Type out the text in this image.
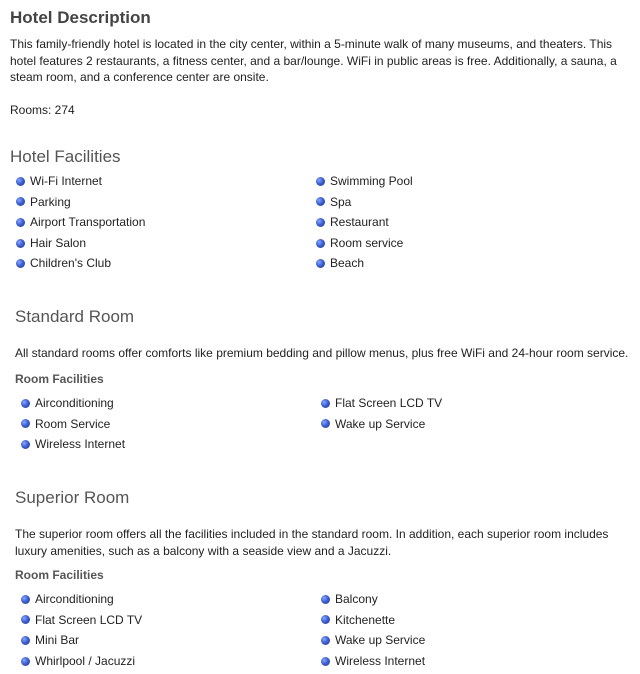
Hotel Description

This family-friendly hotel is located in the city center, within a 5-minute walk of many museums, and theaters. This hotel features 2 restaurants, a fitness center, and a bar/lounge. WiFi in public areas is free. Additionally, a sauna, a steam room, and a conference center are onsite.

Rooms: 274

Hotel Facilities
Wi-Fi Internet
Parking
Airport Transportation
Hair Salon
Children's Club
Swimming Pool
Spa
Restaurant
Room service
Beach
Standard Room

All standard rooms offer comforts like premium bedding and pillow menus, plus free WiFi and 24-hour room service.

Room Facilities
Airconditioning
Room Service
Wireless Internet
Flat Screen LCD TV
Wake up Service
Superior Room

The superior room offers all the facilities included in the standard room. In addition, each superior room includes luxury amenities, such as a balcony with a seaside view and a Jacuzzi.

Room Facilities
Airconditioning
Flat Screen LCD TV
Mini Bar
Whirlpool / Jacuzzi
Balcony
Kitchenette
Wake up Service
Wireless Internet
